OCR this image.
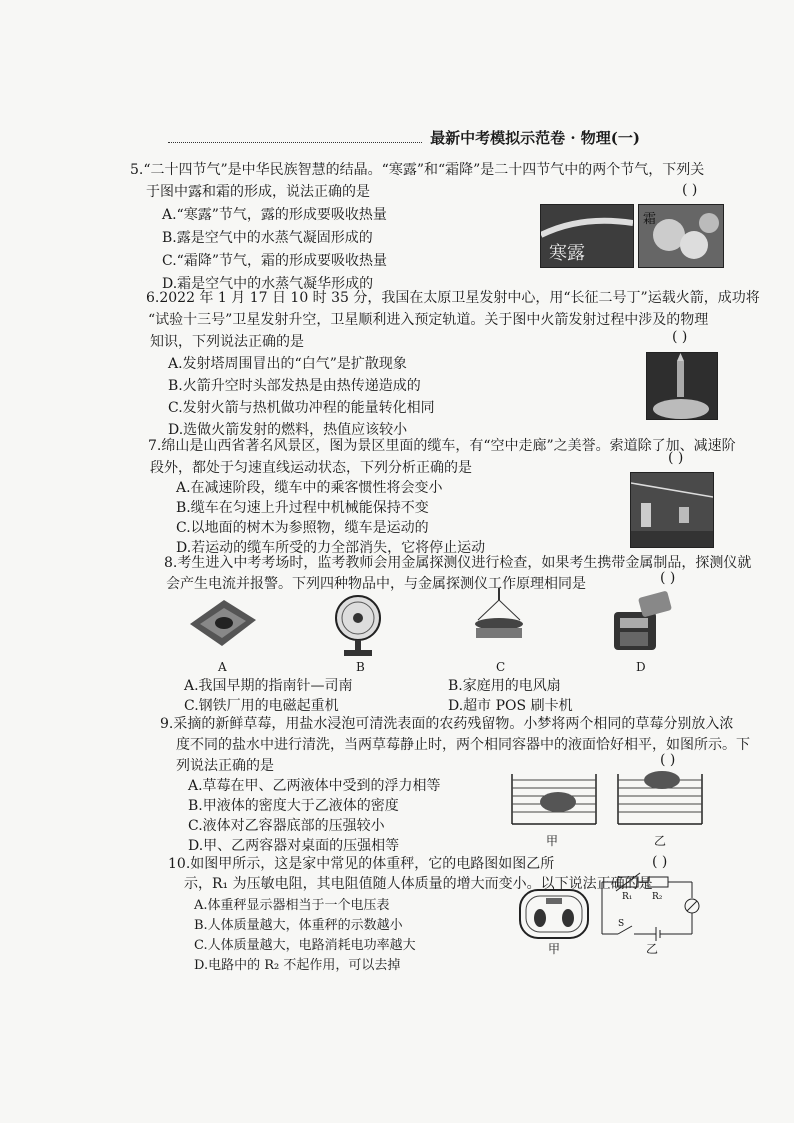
最新中考模拟示范卷 · 物理(一)
5.“二十四节气”是中华民族智慧的结晶。“寒露”和“霜降”是二十四节气中的两个节气，下列关
于图中露和霜的形成，说法正确的是	( )
A.“寒露”节气，露的形成要吸收热量
B.露是空气中的水蒸气凝固形成的
C.“霜降”节气，霜的形成要吸收热量
D.霜是空气中的水蒸气凝华形成的
寒露
霜
6.2022 年 1 月 17 日 10 时 35 分，我国在太原卫星发射中心，用“长征二号丁”运载火箭，成功将
“试验十三号”卫星发射升空，卫星顺利进入预定轨道。关于图中火箭发射过程中涉及的物理
知识，下列说法正确的是	( )
A.发射塔周围冒出的“白气”是扩散现象
B.火箭升空时头部发热是由热传递造成的
C.发射火箭与热机做功冲程的能量转化相同
D.选做火箭发射的燃料，热值应该较小
7.绵山是山西省著名风景区，图为景区里面的缆车，有“空中走廊”之美誉。索道除了加、减速阶
段外，都处于匀速直线运动状态，下列分析正确的是
( )
A.在减速阶段，缆车中的乘客惯性将会变小
B.缆车在匀速上升过程中机械能保持不变
C.以地面的树木为参照物，缆车是运动的
D.若运动的缆车所受的力全部消失，它将停止运动
8.考生进入中考考场时，监考教师会用金属探测仪进行检查，如果考生携带金属制品，探测仪就
会产生电流并报警。下列四种物品中，与金属探测仪工作原理相同是	( )
A	B	C	D
A.我国早期的指南针—司南	B.家庭用的电风扇
C.钢铁厂用的电磁起重机	D.超市 POS 刷卡机
9.采摘的新鲜草莓，用盐水浸泡可清洗表面的农药残留物。小梦将两个相同的草莓分别放入浓
度不同的盐水中进行清洗，当两草莓静止时，两个相同容器中的液面恰好相平，如图所示。下
列说法正确的是	( )
A.草莓在甲、乙两液体中受到的浮力相等
B.甲液体的密度大于乙液体的密度
C.液体对乙容器底部的压强较小
D.甲、乙两容器对桌面的压强相等	甲	乙
10.如图甲所示，这是家中常见的体重秤，它的电路图如图乙所
示，R₁ 为压敏电阻，其电阻值随人体质量的增大而变小。以下说法正确的是
( )
A.体重秤显示器相当于一个电压表
B.人体质量越大，体重秤的示数越小
C.人体质量越大，电路消耗电功率越大
D.电路中的 R₂ 不起作用，可以去掉
甲
R₁ R₂
S
乙
